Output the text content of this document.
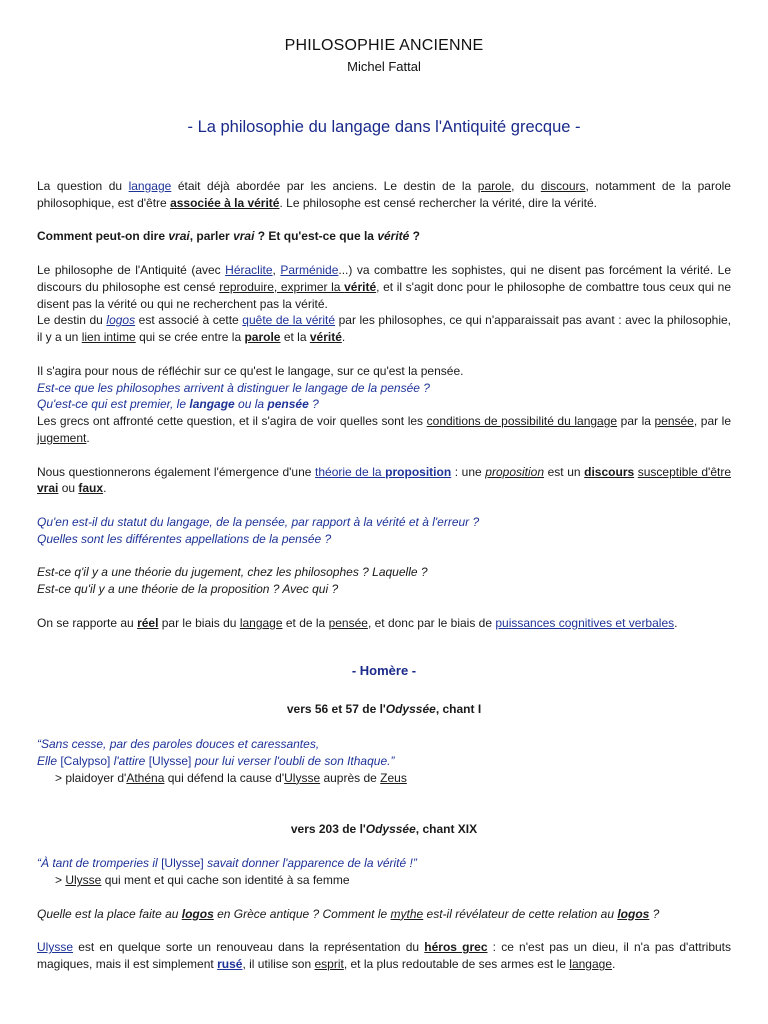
PHILOSOPHIE ANCIENNE
Michel Fattal
- La philosophie du langage dans l'Antiquité grecque -

La question du langage était déjà abordée par les anciens. Le destin de la parole, du discours, notamment de la parole philosophique, est d'être associée à la vérité. Le philosophe est censé rechercher la vérité, dire la vérité.

Comment peut-on dire vrai, parler vrai ? Et qu'est-ce que la vérité ?

Le philosophe de l'Antiquité (avec Héraclite, Parménide...) va combattre les sophistes, qui ne disent pas forcément la vérité. Le discours du philosophe est censé reproduire, exprimer la vérité, et il s'agit donc pour le philosophe de combattre tous ceux qui ne disent pas la vérité ou qui ne recherchent pas la vérité.

Le destin du logos est associé à cette quête de la vérité par les philosophes, ce qui n'apparaissait pas avant : avec la philosophie, il y a un lien intime qui se crée entre la parole et la vérité.

Il s'agira pour nous de réfléchir sur ce qu'est le langage, sur ce qu'est la pensée.

Est-ce que les philosophes arrivent à distinguer le langage de la pensée ?

Qu'est-ce qui est premier, le langage ou la pensée ?

Les grecs ont affronté cette question, et il s'agira de voir quelles sont les conditions de possibilité du langage par la pensée, par le jugement.

Nous questionnerons également l'émergence d'une théorie de la proposition : une proposition est un discours susceptible d'être vrai ou faux.

Qu'en est-il du statut du langage, de la pensée, par rapport à la vérité et à l'erreur ?

Quelles sont les différentes appellations de la pensée ?

Est-ce q'il y a une théorie du jugement, chez les philosophes ? Laquelle ?

Est-ce qu'il y a une théorie de la proposition ? Avec qui ?

On se rapporte au réel par le biais du langage et de la pensée, et donc par le biais de puissances cognitives et verbales.

- Homère -
vers 56 et 57 de l'Odyssée, chant I

“Sans cesse, par des paroles douces et caressantes,

Elle [Calypso] l'attire [Ulysse] pour lui verser l'oubli de son Ithaque.”

> plaidoyer d'Athéna qui défend la cause d'Ulysse auprès de Zeus

vers 203 de l'Odyssée, chant XIX

“À tant de tromperies il [Ulysse] savait donner l'apparence de la vérité !”

> Ulysse qui ment et qui cache son identité à sa femme

Quelle est la place faite au logos en Grèce antique ? Comment le mythe est-il révélateur de cette relation au logos ?

Ulysse est en quelque sorte un renouveau dans la représentation du héros grec : ce n'est pas un dieu, il n'a pas d'attributs magiques, mais il est simplement rusé, il utilise son esprit, et la plus redoutable de ses armes est le langage.
